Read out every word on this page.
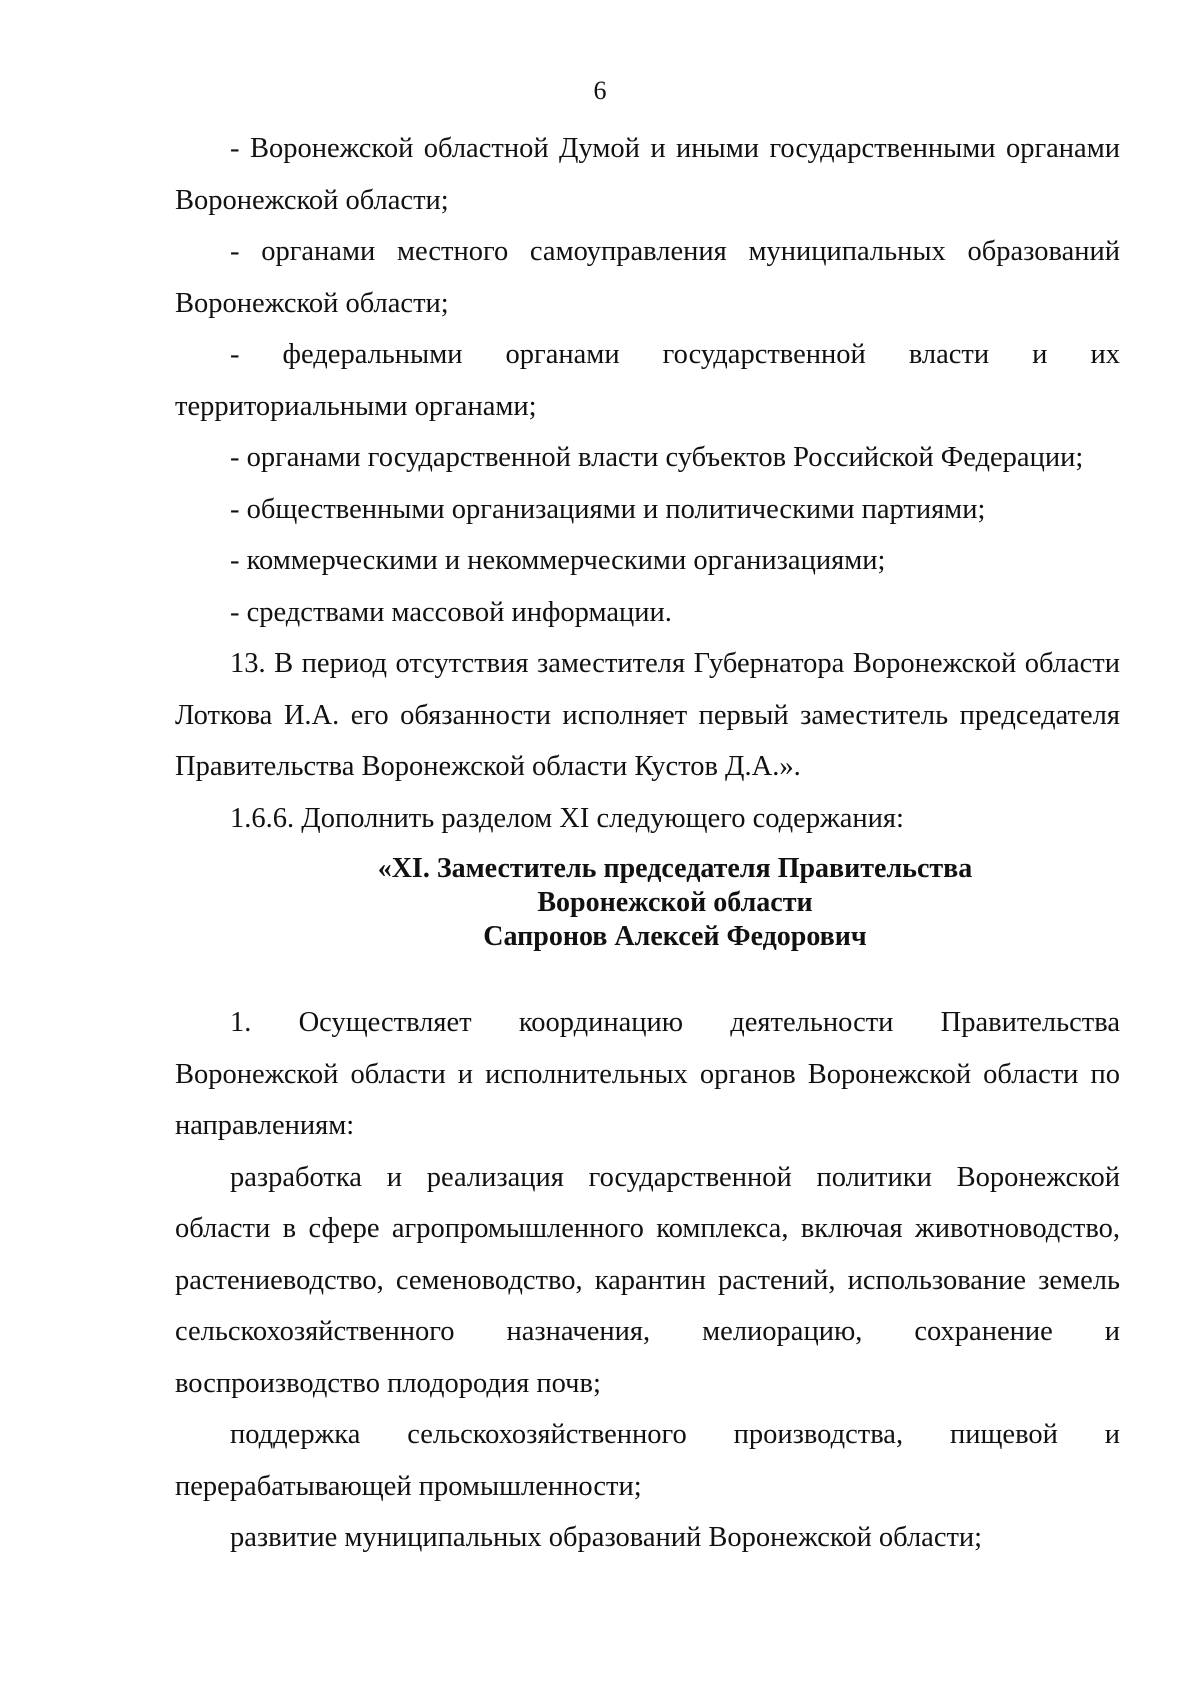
6

- Воронежской областной Думой и иными государственными органами Воронежской области;

- органами местного самоуправления муниципальных образований Воронежской области;

- федеральными органами государственной власти и их территориальными органами;

- органами государственной власти субъектов Российской Федерации;

- общественными организациями и политическими партиями;

- коммерческими и некоммерческими организациями;

- средствами массовой информации.

13. В период отсутствия заместителя Губернатора Воронежской области Лоткова И.А. его обязанности исполняет первый заместитель председателя Правительства Воронежской области Кустов Д.А.».

1.6.6. Дополнить разделом XI следующего содержания:

«XI. Заместитель председателя Правительства
Воронежской области
Сапронов Алексей Федорович

1. Осуществляет координацию деятельности Правительства Воронежской области и исполнительных органов Воронежской области по направлениям:

разработка и реализация государственной политики Воронежской области в сфере агропромышленного комплекса, включая животноводство, растениеводство, семеноводство, карантин растений, использование земель сельскохозяйственного назначения, мелиорацию, сохранение и воспроизводство плодородия почв;

поддержка сельскохозяйственного производства, пищевой и перерабатывающей промышленности;

развитие муниципальных образований Воронежской области;
